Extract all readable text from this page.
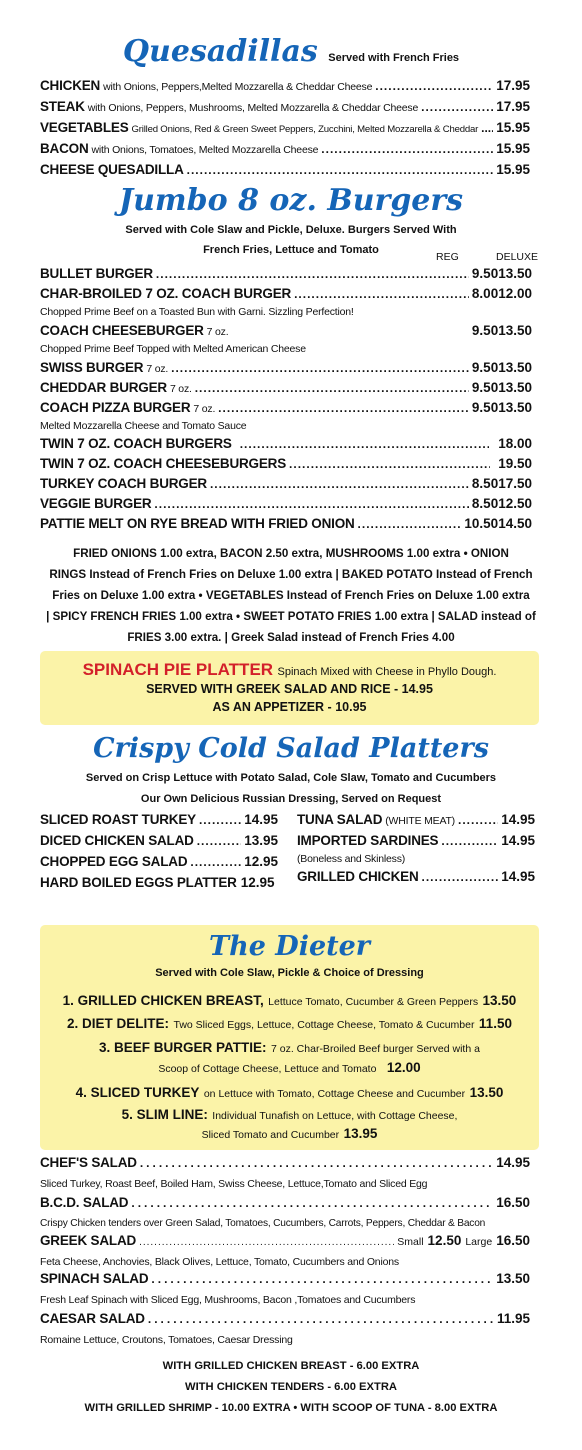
Quesadillas Served with French Fries
CHICKEN with Onions, Peppers,Melted Mozzarella & Cheddar Cheese .....	17.95
STEAK with Onions, Peppers, Mushrooms, Melted Mozzarella & Cheddar Cheese .....	17.95
VEGETABLES Grilled Onions, Red & Green Sweet Peppers, Zucchini, Melted Mozzarella & Cheddar ..... 15.95
BACON with Onions, Tomatoes, Melted Mozzarella Cheese .....	15.95
CHEESE QUESADILLA .....	15.95
Jumbo 8 oz. Burgers
Served with Cole Slaw and Pickle, Deluxe. Burgers Served With
French Fries, Lettuce and Tomato
REG	DELUXE
BULLET BURGER .....	9.50 13.50
CHAR-BROILED 7 OZ. COACH BURGER .....	8.00 12.00
Chopped Prime Beef on a Toasted Bun with Garni. Sizzling Perfection!
COACH CHEESEBURGER 7 oz.	9.50 13.50
Chopped Prime Beef Topped with Melted American Cheese
SWISS BURGER 7 oz. .....	9.50 13.50
CHEDDAR BURGER 7 oz. .....	9.50 13.50
COACH PIZZA BURGER 7 oz. .....	9.50 13.50
Melted Mozzarella Cheese and Tomato Sauce
TWIN 7 OZ. COACH BURGERS .....	18.00
TWIN 7 OZ. COACH CHEESEBURGERS .....	19.50
TURKEY COACH BURGER .....	8.50 17.50
VEGGIE BURGER .....	8.50 12.50
PATTIE MELT ON RYE BREAD WITH FRIED ONION .....	10.50 14.50
FRIED ONIONS 1.00 extra, BACON 2.50 extra, MUSHROOMS 1.00 extra • ONION
RINGS Instead of French Fries on Deluxe 1.00 extra | BAKED POTATO Instead of French
Fries on Deluxe 1.00 extra • VEGETABLES Instead of French Fries on Deluxe 1.00 extra
| SPICY FRENCH FRIES 1.00 extra • SWEET POTATO FRIES 1.00 extra | SALAD instead of
FRIES 3.00 extra. | Greek Salad instead of French Fries 4.00
SPINACH PIE PLATTER Spinach Mixed with Cheese in Phyllo Dough.
SERVED WITH GREEK SALAD AND RICE - 14.95
AS AN APPETIZER - 10.95
Crispy Cold Salad Platters
Served on Crisp Lettuce with Potato Salad, Cole Slaw, Tomato and Cucumbers
Our Own Delicious Russian Dressing, Served on Request
SLICED ROAST TURKEY .....	14.95
DICED CHICKEN SALAD .....	13.95
CHOPPED EGG SALAD .....	12.95
HARD BOILED EGGS PLATTER 12.95
TUNA SALAD (WHITE MEAT) .....	14.95
IMPORTED SARDINES .....	14.95
(Boneless and Skinless)
GRILLED CHICKEN .....	14.95
The Dieter
Served with Cole Slaw, Pickle & Choice of Dressing
1. GRILLED CHICKEN BREAST, Lettuce Tomato, Cucumber & Green Peppers 13.50
2. DIET DELITE: Two Sliced Eggs, Lettuce, Cottage Cheese, Tomato & Cucumber 11.50
3. BEEF BURGER PATTIE: 7 oz. Char-Broiled Beef burger Served with a
Scoop of Cottage Cheese, Lettuce and Tomato 12.00
4. SLICED TURKEY on Lettuce with Tomato, Cottage Cheese and Cucumber 13.50
5. SLIM LINE: Individual Tunafish on Lettuce, with Cottage Cheese,
Sliced Tomato and Cucumber 13.95
CHEF'S SALAD .....	14.95
Sliced Turkey, Roast Beef, Boiled Ham, Swiss Cheese, Lettuce,Tomato and Sliced Egg
B.C.D. SALAD .....	16.50
Crispy Chicken tenders over Green Salad, Tomatoes, Cucumbers, Carrots, Peppers, Cheddar & Bacon
GREEK SALAD .....	Small 12.50 Large 16.50
Feta Cheese, Anchovies, Black Olives, Lettuce, Tomato, Cucumbers and Onions
SPINACH SALAD .....	13.50
Fresh Leaf Spinach with Sliced Egg, Mushrooms, Bacon ,Tomatoes and Cucumbers
CAESAR SALAD .....	11.95
Romaine Lettuce, Croutons, Tomatoes, Caesar Dressing
WITH GRILLED CHICKEN BREAST - 6.00 EXTRA
WITH CHICKEN TENDERS - 6.00 EXTRA
WITH GRILLED SHRIMP - 10.00 EXTRA • WITH SCOOP OF TUNA - 8.00 EXTRA
